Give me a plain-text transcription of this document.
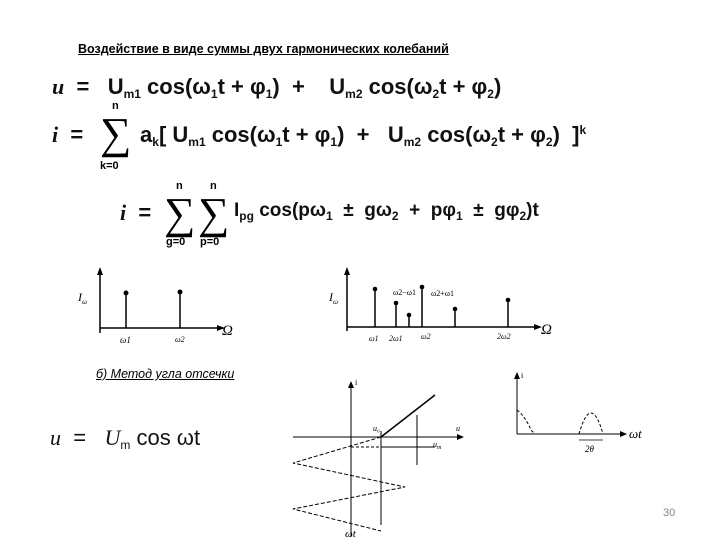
Воздействие в виде суммы двух гармонических колебаний
u = Um1 cos(ω1t + φ1) + Um2 cos(ω2t + φ2)
i =
n
∑
k=0
ak[ Um1 cos(ω1t + φ1) + Um2 cos(ω2t + φ2) ]$^k$
i =
n
∑
g=0
n
∑
p=0
$I_{pg}$ $\cos(p\omega_1 \pm g\omega_2 + p\varphi_1 \pm g\varphi_2)t$
$I_\omega$
ω1	ω2
Ω
$I_\omega$
ω2−ω1 ω2+ω1
ω1 2ω1 ω2	2ω2 Ω
б) Метод угла отсечки
u = Um cos ωt
i
u₀	u
$u_m$
ωt
i
ωt
2θ
30
